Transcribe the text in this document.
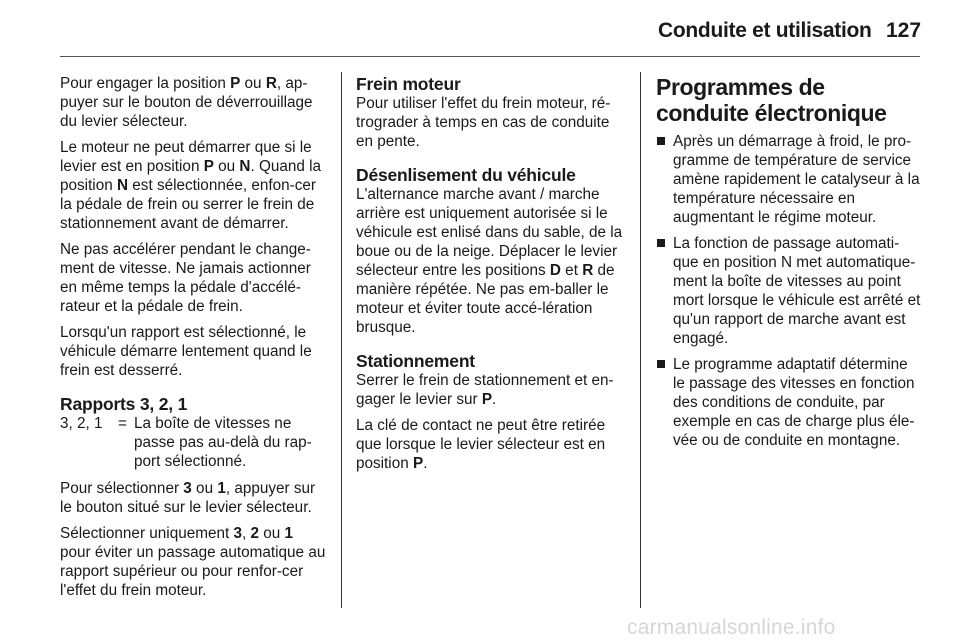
Conduite et utilisation 127

Pour engager la position P ou R, ap-puyer sur le bouton de déverrouillage du levier sélecteur.

Le moteur ne peut démarrer que si le levier est en position P ou N. Quand la position N est sélectionnée, enfon-cer la pédale de frein ou serrer le frein de stationnement avant de démarrer.

Ne pas accélérer pendant le change-ment de vitesse. Ne jamais actionner en même temps la pédale d'accélé-rateur et la pédale de frein.

Lorsqu'un rapport est sélectionné, le véhicule démarre lentement quand le frein est desserré.

Rapports 3, 2, 1
3, 2, 1	= La boîte de vitesses ne passe pas au-delà du rap-port sélectionné.

Pour sélectionner 3 ou 1, appuyer sur le bouton situé sur le levier sélecteur.

Sélectionner uniquement 3, 2 ou 1 pour éviter un passage automatique au rapport supérieur ou pour renfor-cer l'effet du frein moteur.

Frein moteur

Pour utiliser l'effet du frein moteur, ré-trograder à temps en cas de conduite en pente.

Désenlisement du véhicule

L'alternance marche avant / marche arrière est uniquement autorisée si le véhicule est enlisé dans du sable, de la boue ou de la neige. Déplacer le levier sélecteur entre les positions D et R de manière répétée. Ne pas em-baller le moteur et éviter toute accé-lération brusque.

Stationnement

Serrer le frein de stationnement et en-gager le levier sur P.

La clé de contact ne peut être retirée que lorsque le levier sélecteur est en position P.

Programmes de conduite électronique
Après un démarrage à froid, le pro-gramme de température de service amène rapidement le catalyseur à la température nécessaire en augmentant le régime moteur.
La fonction de passage automati-que en position N met automatique-ment la boîte de vitesses au point mort lorsque le véhicule est arrêté et qu'un rapport de marche avant est engagé.
Le programme adaptatif détermine le passage des vitesses en fonction des conditions de conduite, par exemple en cas de charge plus éle-vée ou de conduite en montagne.
carmanualsonline.info
